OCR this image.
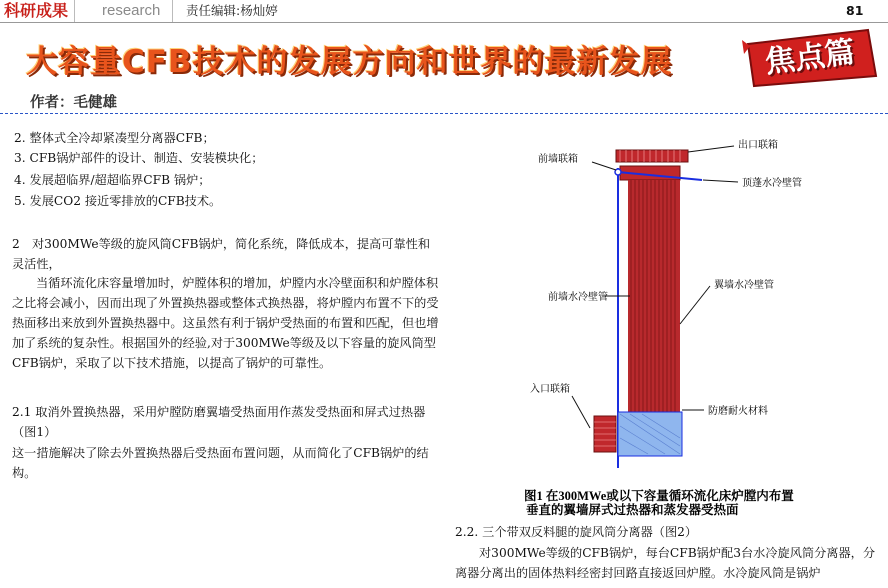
科研成果	research	责任编辑:杨灿婷	81
大容量CFB技术的发展方向和世界的最新发展	焦点篇
作者：毛健雄
2. 整体式全冷却紧凑型分离器CFB；
3. CFB锅炉部件的设计、制造、安装模块化；
4. 发展超临界/超超临界CFB 锅炉；
5. 发展CO2 接近零排放的CFB技术。
2　对300MWe等级的旋风筒CFB锅炉，简化系统，降低成本，提高可靠性和灵活性，
当循环流化床容量增加时，炉膛体积的增加，炉膛内水冷壁面积和炉膛体积之比将会减小，因而出现了外置换热器或整体式换热器，将炉膛内布置不下的受热面移出来放到外置换热器中。这虽然有利于锅炉受热面的布置和匹配，但也增加了系统的复杂性。根据国外的经验,对于300MWe等级及以下容量的旋风筒型CFB锅炉，采取了以下技术措施，以提高了锅炉的可靠性。
2.1 取消外置换热器，采用炉膛防磨翼墙受热面用作蒸发受热面和屏式过热器（图1）
这一措施解决了除去外置换热器后受热面布置问题，从而简化了CFB锅炉的结构。
前墙联箱
出口联箱
顶蓬水冷壁管
前墙水冷壁管
翼墙水冷壁管
入口联箱
防磨耐火材料
图1 在300MWe或以下容量循环流化床炉膛内布置
垂直的翼墙屏式过热器和蒸发器受热面
2.2. 三个带双反料腿的旋风筒分离器（图2）
对300MWe等级的CFB锅炉，每台CFB锅炉配3台水冷旋风筒分离器，分离器分离出的固体热料经密封回路直接返回炉膛。水冷旋风筒是锅炉
